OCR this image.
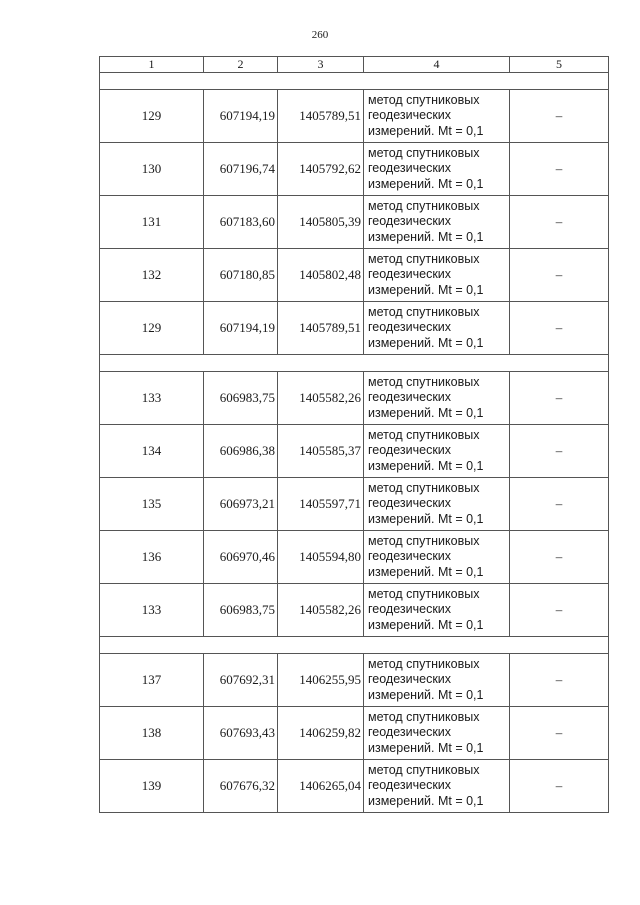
260
1	2	3	4	5

129	607194,19	1405789,51	метод спутниковых
геодезических
измерений. Mt = 0,1	–
130	607196,74	1405792,62	метод спутниковых
геодезических
измерений. Mt = 0,1	–
131	607183,60	1405805,39	метод спутниковых
геодезических
измерений. Mt = 0,1	–
132	607180,85	1405802,48	метод спутниковых
геодезических
измерений. Mt = 0,1	–
129	607194,19	1405789,51	метод спутниковых
геодезических
измерений. Mt = 0,1	–

133	606983,75	1405582,26	метод спутниковых
геодезических
измерений. Mt = 0,1	–
134	606986,38	1405585,37	метод спутниковых
геодезических
измерений. Mt = 0,1	–
135	606973,21	1405597,71	метод спутниковых
геодезических
измерений. Mt = 0,1	–
136	606970,46	1405594,80	метод спутниковых
геодезических
измерений. Mt = 0,1	–
133	606983,75	1405582,26	метод спутниковых
геодезических
измерений. Mt = 0,1	–

137	607692,31	1406255,95	метод спутниковых
геодезических
измерений. Mt = 0,1	–
138	607693,43	1406259,82	метод спутниковых
геодезических
измерений. Mt = 0,1	–
139	607676,32	1406265,04	метод спутниковых
геодезических
измерений. Mt = 0,1	–
